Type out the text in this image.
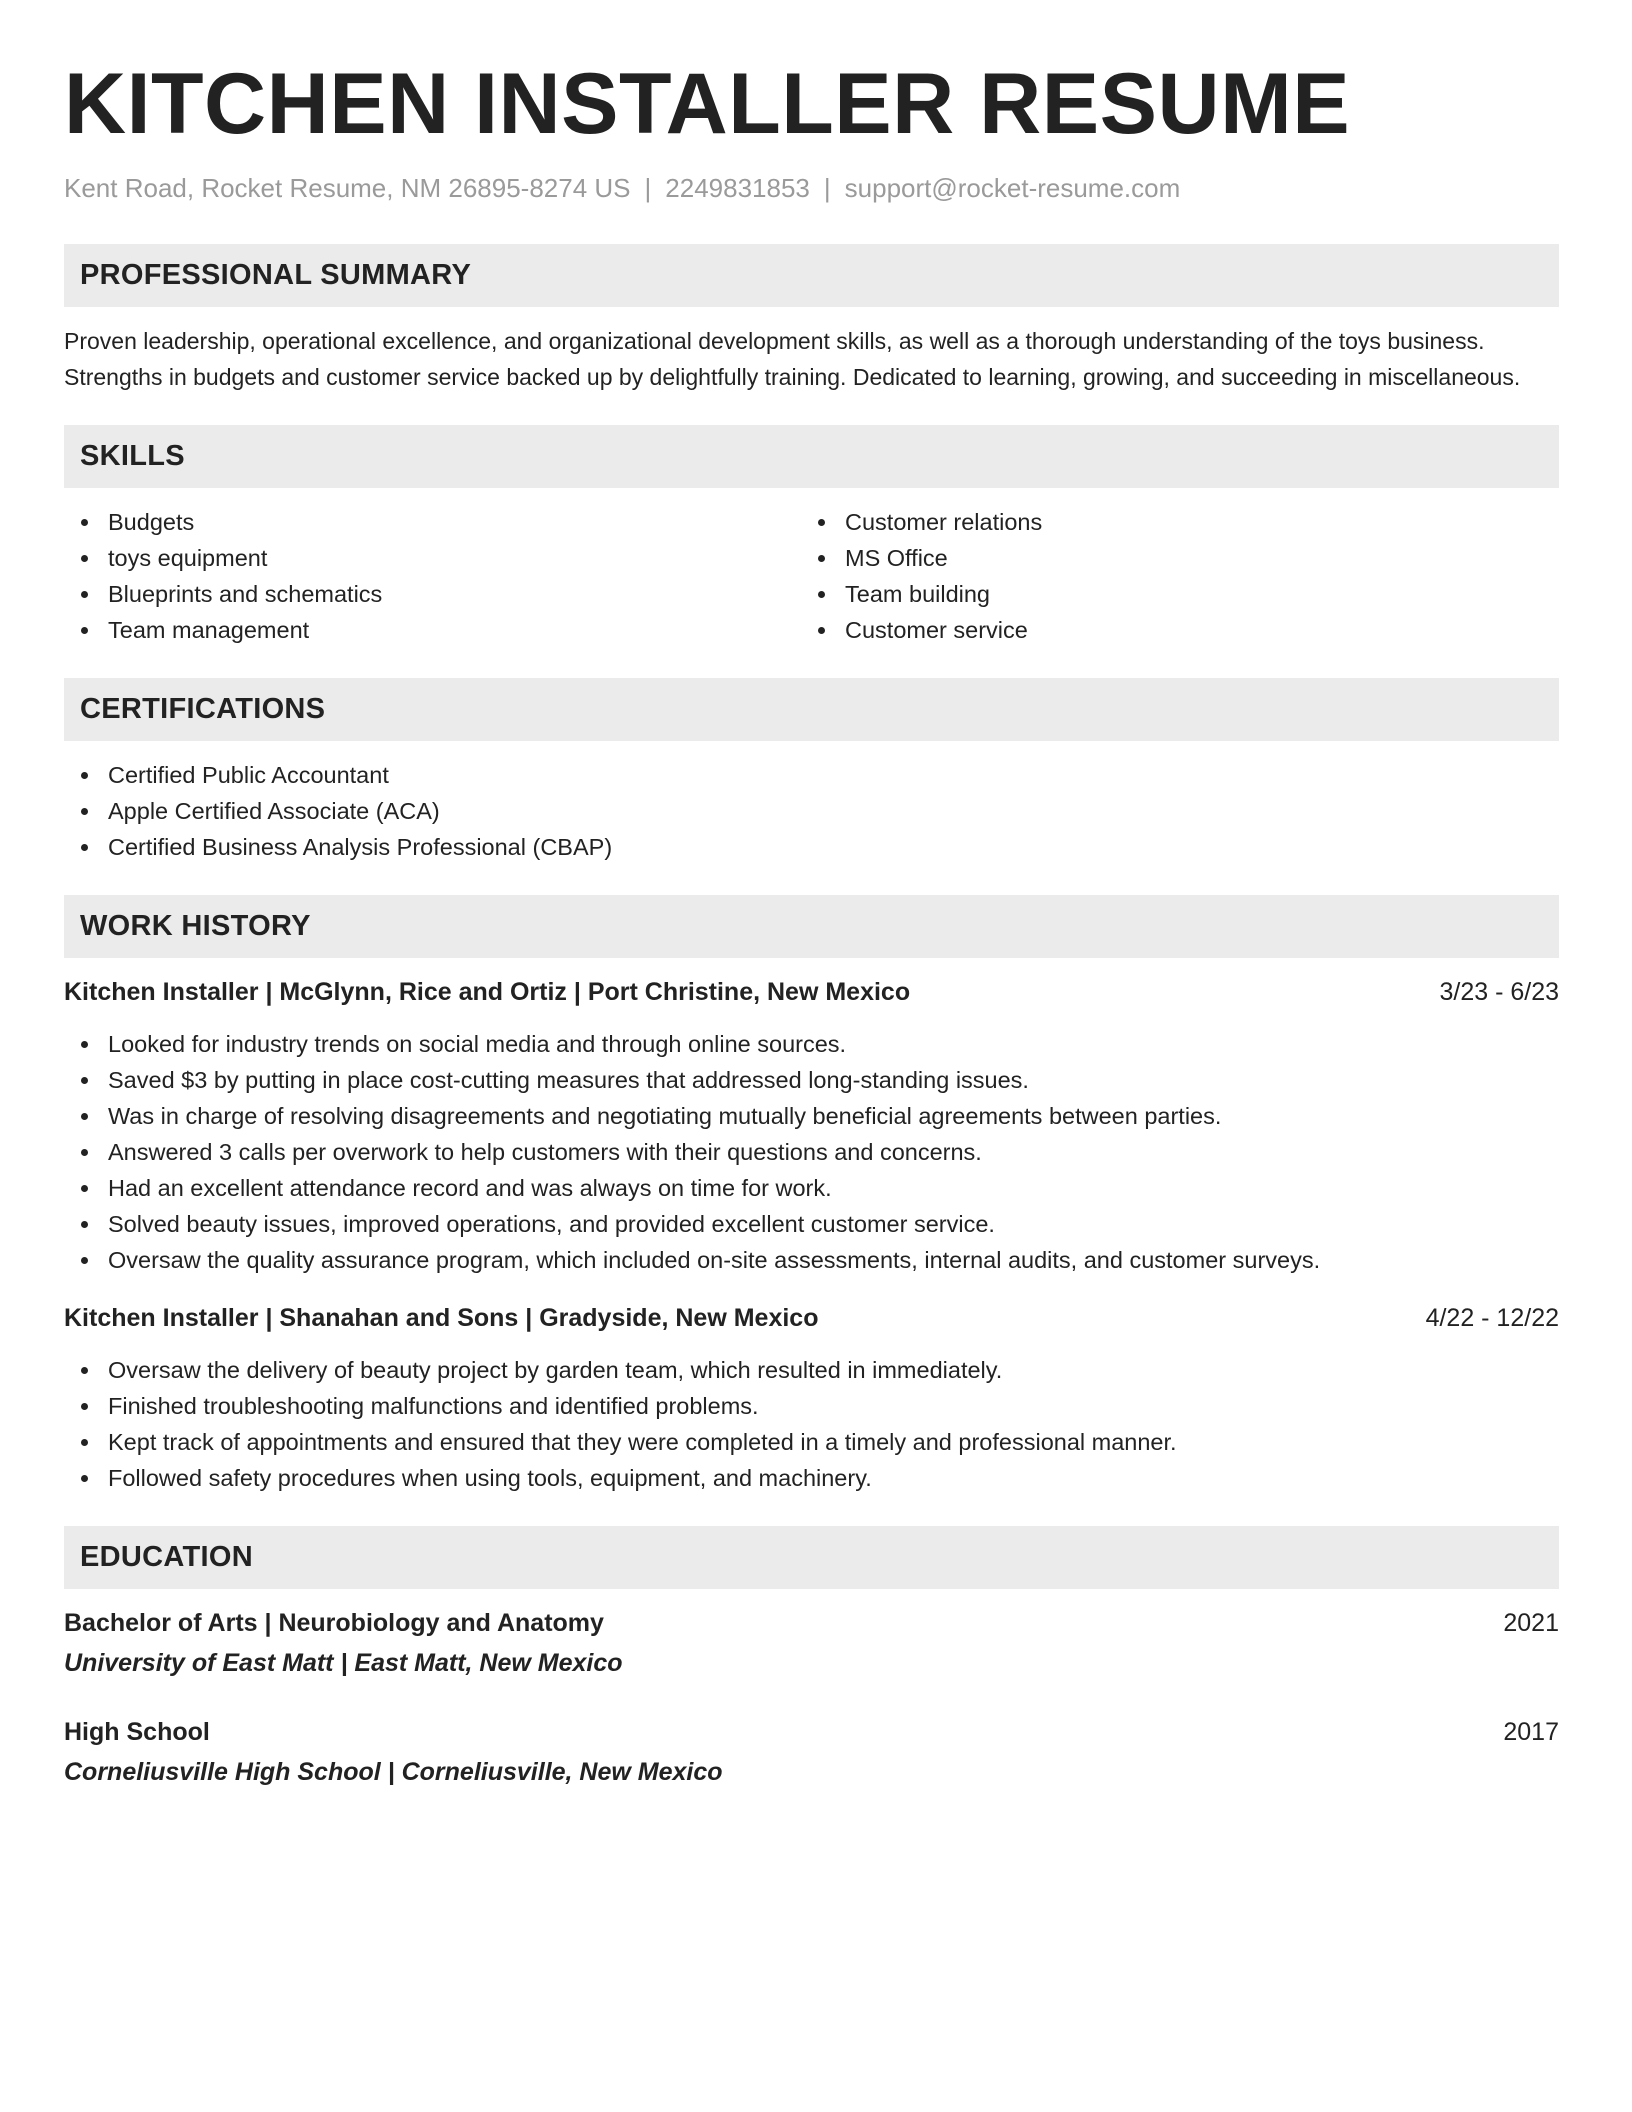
KITCHEN INSTALLER RESUME
Kent Road, Rocket Resume, NM 26895-8274 US | 2249831853 | support@rocket-resume.com
PROFESSIONAL SUMMARY

Proven leadership, operational excellence, and organizational development skills, as well as a thorough understanding of the toys business. Strengths in budgets and customer service backed up by delightfully training. Dedicated to learning, growing, and succeeding in miscellaneous.

SKILLS
Budgets
toys equipment
Blueprints and schematics
Team management
Customer relations
MS Office
Team building
Customer service
CERTIFICATIONS
Certified Public Accountant
Apple Certified Associate (ACA)
Certified Business Analysis Professional (CBAP)
WORK HISTORY
Kitchen Installer | McGlynn, Rice and Ortiz | Port Christine, New Mexico	3/23 - 6/23
Looked for industry trends on social media and through online sources.
Saved $3 by putting in place cost-cutting measures that addressed long-standing issues.
Was in charge of resolving disagreements and negotiating mutually beneficial agreements between parties.
Answered 3 calls per overwork to help customers with their questions and concerns.
Had an excellent attendance record and was always on time for work.
Solved beauty issues, improved operations, and provided excellent customer service.
Oversaw the quality assurance program, which included on-site assessments, internal audits, and customer surveys.
Kitchen Installer | Shanahan and Sons | Gradyside, New Mexico	4/22 - 12/22
Oversaw the delivery of beauty project by garden team, which resulted in immediately.
Finished troubleshooting malfunctions and identified problems.
Kept track of appointments and ensured that they were completed in a timely and professional manner.
Followed safety procedures when using tools, equipment, and machinery.
EDUCATION
Bachelor of Arts | Neurobiology and Anatomy	2021
University of East Matt | East Matt, New Mexico
High School	2017
Corneliusville High School | Corneliusville, New Mexico
